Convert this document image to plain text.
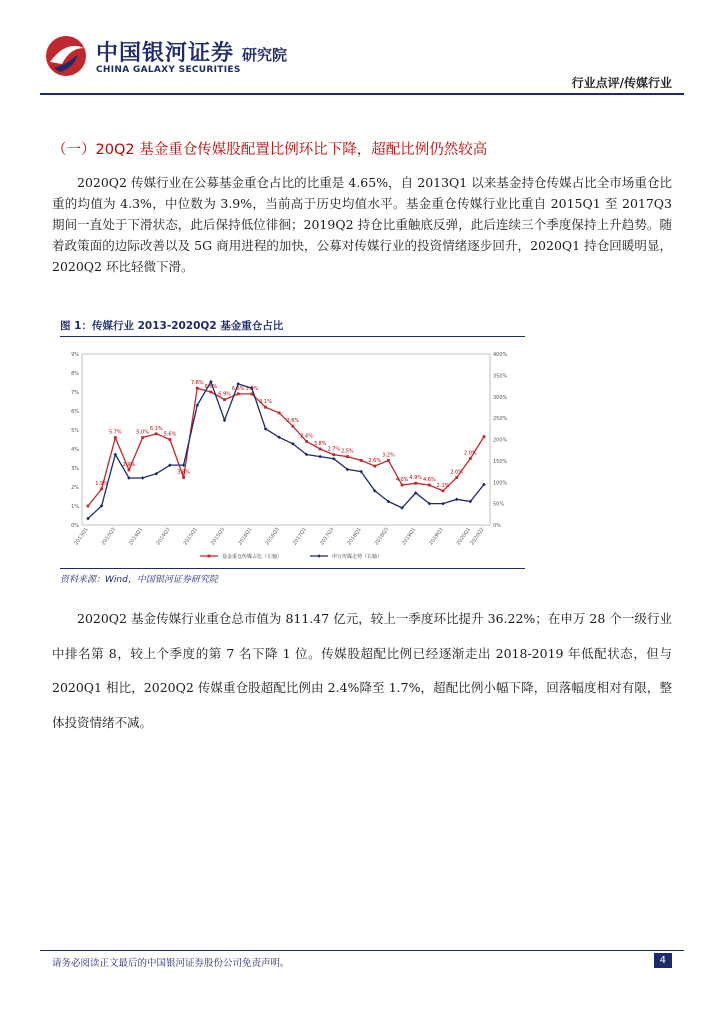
中国银河证券
CHINA GALAXY SECURITIES
研究院
行业点评/传媒行业
（一）20Q2 基金重仓传媒股配置比例环比下降，超配比例仍然较高
2020Q2 传媒行业在公募基金重仓占比的比重是 4.65%，自 2013Q1 以来基金持仓传媒占比全市场重仓比重的均值为 4.3%，中位数为 3.9%，当前高于历史均值水平。基金重仓传媒行业比重自 2015Q1 至 2017Q3 期间一直处于下滑状态，此后保持低位徘徊；2019Q2 持仓比重触底反弹，此后连续三个季度保持上升趋势。随着政策面的边际改善以及 5G 商用进程的加快，公募对传媒行业的投资情绪逐步回升，2020Q1 持仓回暖明显，2020Q2 环比轻微下滑。
图 1：传媒行业 2013-2020Q2 基金重仓占比
0%
1%
2%
3%
4%
5%
6%
7%
8%
9%
0%
50%
100%
150%
200%
250%
300%
350%
400%
2013Q1 2013Q3 2014Q1 2014Q3 2015Q1 2015Q3 2016Q1 2016Q3 2017Q1 2017Q3 2018Q1 2018Q3 2019Q1 2019Q3 2020Q1
2020Q2
1.9%
5.7%
2.9%
5.0%
6.1%
5.6%
3.8%
7.8%
6.6%
6.9%
6.6% 3.8%
3.1%
2.6%
2.4%
3.8%
2.7% 2.5%
2.6%
3.2%
4.0% 4.9% 4.6%
2.1%
2.0%
2.0%
基金重仓传媒占比（左轴）	申万传媒走势（右轴）
资料来源：Wind，中国银河证券研究院
2020Q2 基金传媒行业重仓总市值为 811.47 亿元，较上一季度环比提升 36.22%；在申万 28 个一级行业中排名第 8，较上个季度的第 7 名下降 1 位。传媒股超配比例已经逐渐走出 2018-2019 年低配状态，但与 2020Q1 相比，2020Q2 传媒重仓股超配比例由 2.4%降至 1.7%，超配比例小幅下降，回落幅度相对有限，整体投资情绪不减。
请务必阅读正文最后的中国银河证券股份公司免责声明。	4
